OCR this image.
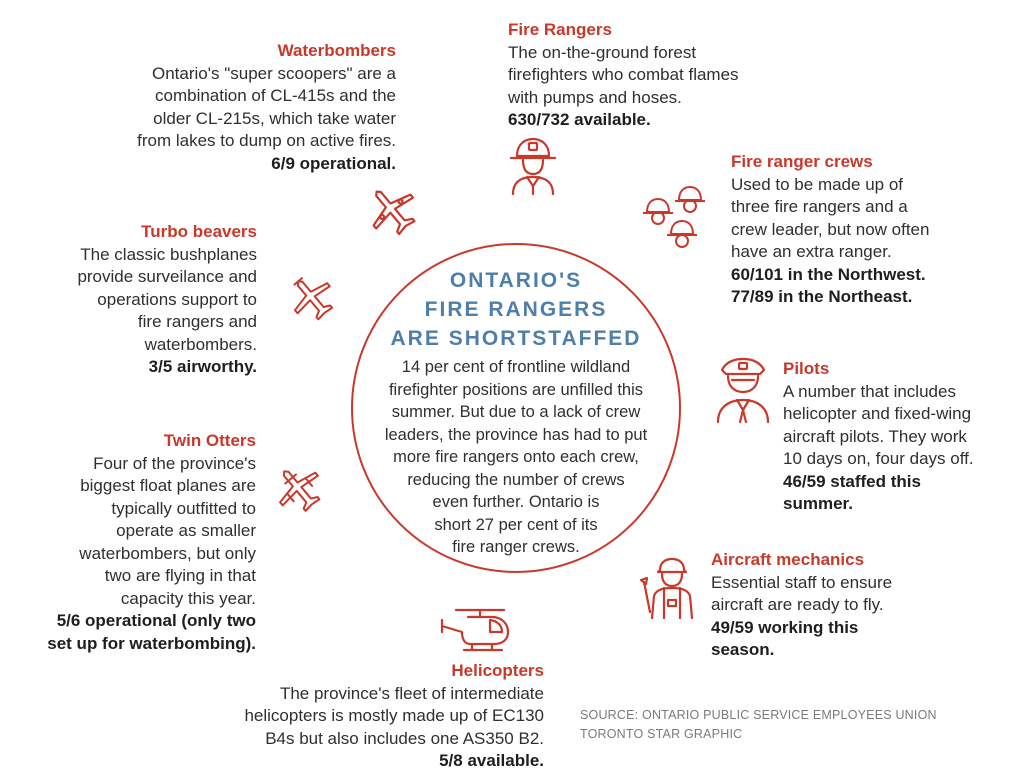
Waterbombers
Ontario's "super scoopers" are a
combination of CL-415s and the
older CL-215s, which take water
from lakes to dump on active fires.
6/9 operational.
Fire Rangers
The on-the-ground forest
firefighters who combat flames
with pumps and hoses.
630/732 available.
Fire ranger crews
Used to be made up of
three fire rangers and a
crew leader, but now often
have an extra ranger.
60/101 in the Northwest.
77/89 in the Northeast.
Turbo beavers
The classic bushplanes
provide surveilance and
operations support to
fire rangers and
waterbombers.
3/5 airworthy.	Pilots
A number that includes
helicopter and fixed-wing
aircraft pilots. They work
10 days on, four days off.
46/59 staffed this
summer.
Twin Otters
Four of the province's
biggest float planes are
typically outfitted to
operate as smaller
waterbombers, but only
two are flying in that
capacity this year.
5/6 operational (only two
set up for waterbombing).
Aircraft mechanics
Essential staff to ensure
aircraft are ready to fly.
49/59 working this
season.
Helicopters
The province's fleet of intermediate
helicopters is mostly made up of EC130
B4s but also includes one AS350 B2.
5/8 available.
ONTARIO'S
FIRE RANGERS
ARE SHORTSTAFFED
14 per cent of frontline wildland
firefighter positions are unfilled this
summer. But due to a lack of crew
leaders, the province has had to put
more fire rangers onto each crew,
reducing the number of crews
even further. Ontario is
short 27 per cent of its
fire ranger crews.
SOURCE: ONTARIO PUBLIC SERVICE EMPLOYEES UNION
TORONTO STAR GRAPHIC
